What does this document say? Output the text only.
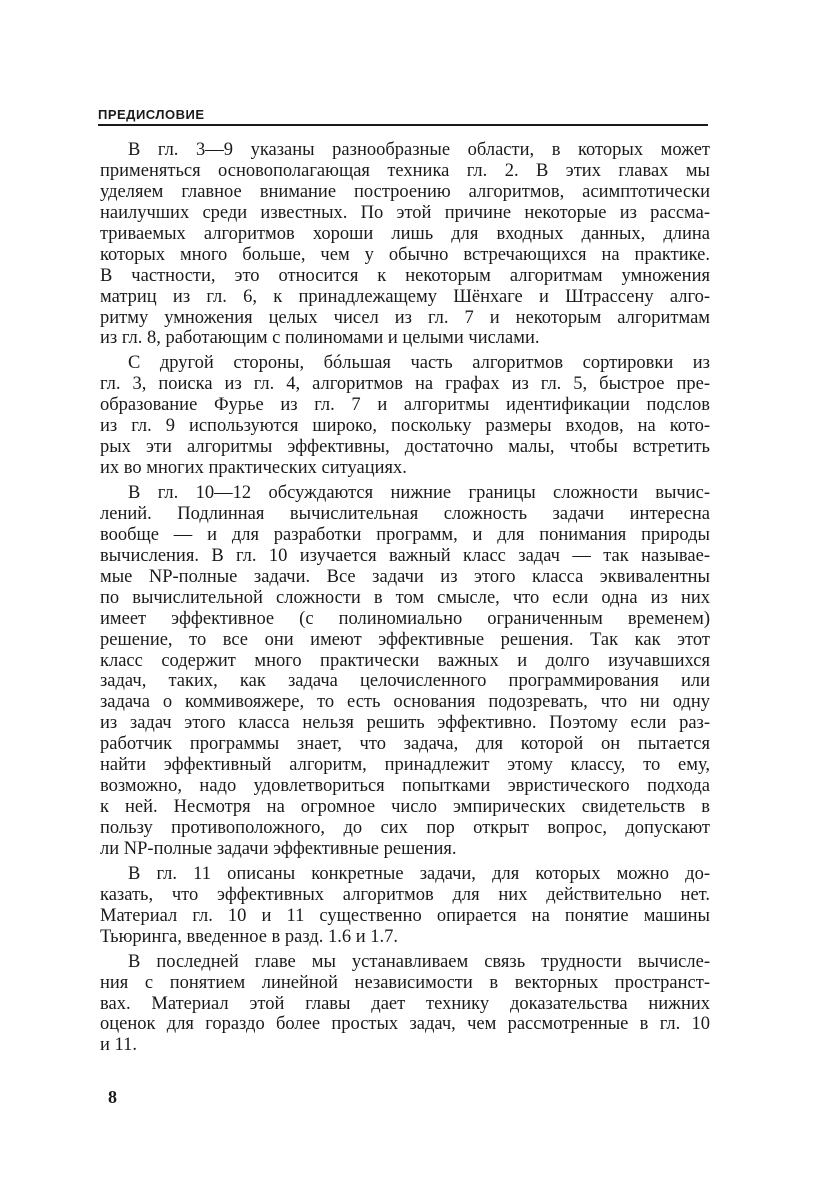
ПРЕДИСЛОВИЕ
В гл. 3—9 указаны разнообразные области, в которых может
применяться основополагающая техника гл. 2. В этих главах мы
уделяем главное внимание построению алгоритмов, асимптотически
наилучших среди известных. По этой причине некоторые из рассма-
триваемых алгоритмов хороши лишь для входных данных, длина
которых много больше, чем у обычно встречающихся на практике.
В частности, это относится к некоторым алгоритмам умножения
матриц из гл. 6, к принадлежащему Шёнхаге и Штрассену алго-
ритму умножения целых чисел из гл. 7 и некоторым алгоритмам
из гл. 8, работающим с полиномами и целыми числами.
С другой стороны, бóльшая часть алгоритмов сортировки из
гл. 3, поиска из гл. 4, алгоритмов на графах из гл. 5, быстрое пре-
образование Фурье из гл. 7 и алгоритмы идентификации подслов
из гл. 9 используются широко, поскольку размеры входов, на кото-
рых эти алгоритмы эффективны, достаточно малы, чтобы встретить
их во многих практических ситуациях.
В гл. 10—12 обсуждаются нижние границы сложности вычис-
лений. Подлинная вычислительная сложность задачи интересна
вообще — и для разработки программ, и для понимания природы
вычисления. В гл. 10 изучается важный класс задач — так называе-
мые NP-полные задачи. Все задачи из этого класса эквивалентны
по вычислительной сложности в том смысле, что если одна из них
имеет эффективное (с полиномиально ограниченным временем)
решение, то все они имеют эффективные решения. Так как этот
класс содержит много практически важных и долго изучавшихся
задач, таких, как задача целочисленного программирования или
задача о коммивояжере, то есть основания подозревать, что ни одну
из задач этого класса нельзя решить эффективно. Поэтому если раз-
работчик программы знает, что задача, для которой он пытается
найти эффективный алгоритм, принадлежит этому классу, то ему,
возможно, надо удовлетвориться попытками эвристического подхода
к ней. Несмотря на огромное число эмпирических свидетельств в
пользу противоположного, до сих пор открыт вопрос, допускают
ли NP-полные задачи эффективные решения.
В гл. 11 описаны конкретные задачи, для которых можно до-
казать, что эффективных алгоритмов для них действительно нет.
Материал гл. 10 и 11 существенно опирается на понятие машины
Тьюринга, введенное в разд. 1.6 и 1.7.
В последней главе мы устанавливаем связь трудности вычисле-
ния с понятием линейной независимости в векторных пространст-
вах. Материал этой главы дает технику доказательства нижних
оценок для гораздо более простых задач, чем рассмотренные в гл. 10
и 11.
8
